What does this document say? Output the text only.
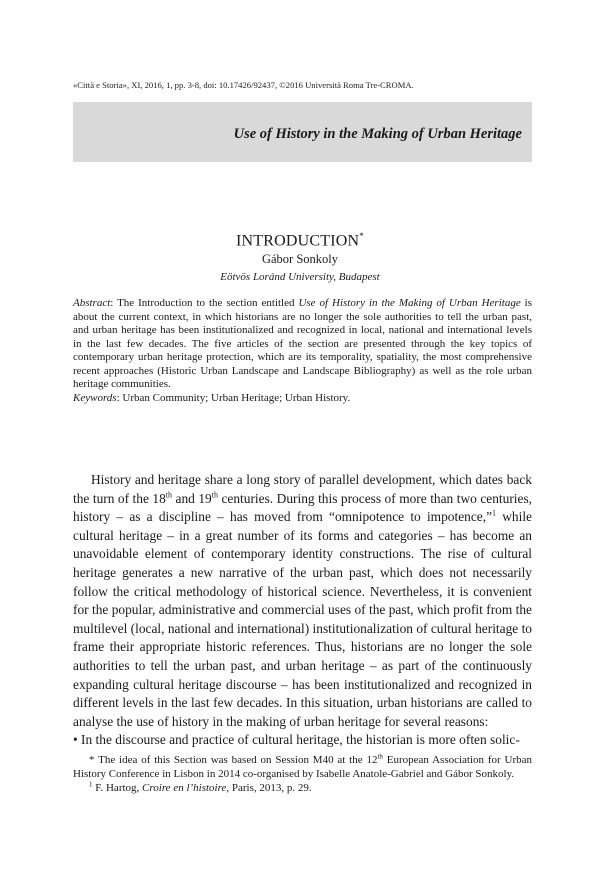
«Città e Storia», XI, 2016, 1, pp. 3-8, doi: 10.17426/92437, ©2016 Università Roma Tre-CROMA.
Use of History in the Making of Urban Heritage
INTRODUCTION*
Gábor Sonkoly
Eötvös Loránd University, Budapest

Abstract: The Introduction to the section entitled Use of History in the Making of Urban Heritage is about the current context, in which historians are no longer the sole authorities to tell the urban past, and urban heritage has been institutionalized and recognized in local, national and international levels in the last few decades. The five articles of the section are presented through the key topics of contemporary urban heritage protection, which are its temporality, spatiality, the most comprehensive recent approaches (Historic Urban Landscape and Landscape Bibliography) as well as the role urban heritage communities.

Keywords: Urban Community; Urban Heritage; Urban History.

History and heritage share a long story of parallel development, which dates back the turn of the 18th and 19th centuries. During this process of more than two centuries, history – as a discipline – has moved from “omnipotence to impotence,”$^1$ while cultural heritage – in a great number of its forms and categories – has become an unavoidable element of contemporary identity constructions. The rise of cultural heritage generates a new narrative of the urban past, which does not necessarily follow the critical methodology of historical science. Nevertheless, it is convenient for the popular, administrative and commercial uses of the past, which profit from the multilevel (local, national and international) institutionalization of cultural heritage to frame their appropriate historic references. Thus, historians are no longer the sole authorities to tell the urban past, and urban heritage – as part of the continuously expanding cultural heritage discourse – has been institutionalized and recognized in different levels in the last few decades. In this situation, urban historians are called to analyse the use of history in the making of urban heritage for several reasons:

• In the discourse and practice of cultural heritage, the historian is more often solic-

* The idea of this Section was based on Session M40 at the 12th European Association for Urban History Conference in Lisbon in 2014 co-organised by Isabelle Anatole-Gabriel and Gábor Sonkoly.

$^1$ F. Hartog, Croire en l’histoire, Paris, 2013, p. 29.
